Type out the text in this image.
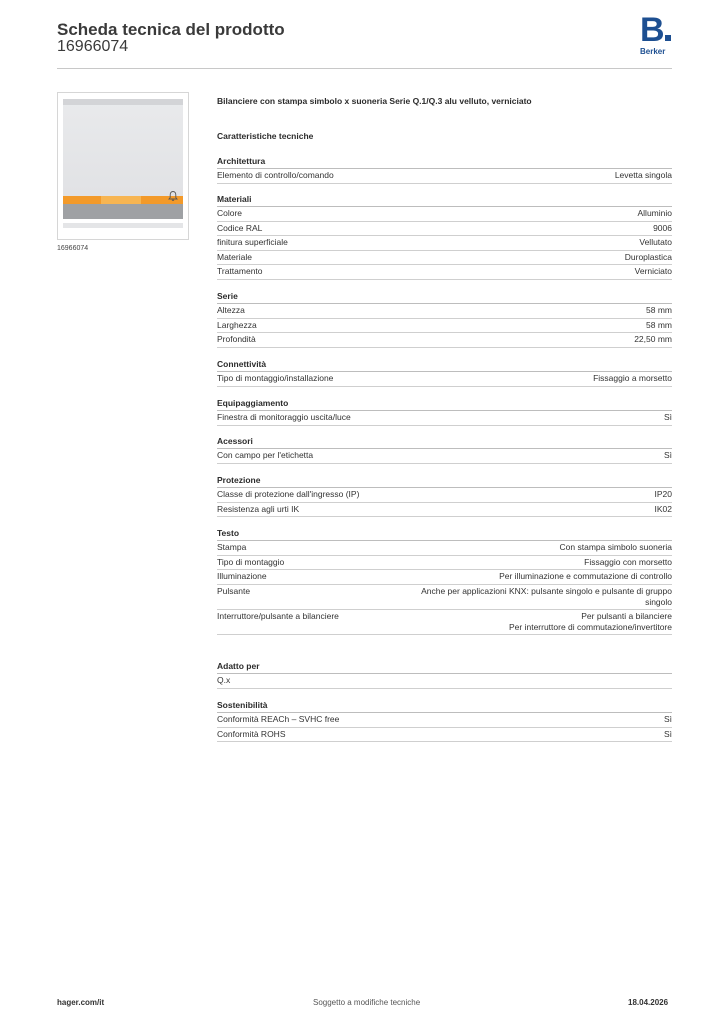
Scheda tecnica del prodotto
16966074	B
Berker
16966074
Bilanciere con stampa simbolo x suoneria Serie Q.1/Q.3 alu velluto, verniciato
Caratteristiche tecniche
Architettura
Elemento di controllo/comando	Levetta singola
Materiali
Colore	Alluminio
Codice RAL	9006
finitura superficiale	Vellutato
Materiale	Duroplastica
Trattamento	Verniciato
Serie
Altezza	58 mm
Larghezza	58 mm
Profondità	22,50 mm
Connettività
Tipo di montaggio/installazione	Fissaggio a morsetto
Equipaggiamento
Finestra di monitoraggio uscita/luce	Sì
Acessori
Con campo per l'etichetta	Sì
Protezione
Classe di protezione dall'ingresso (IP)	IP20
Resistenza agli urti IK	IK02
Testo
Stampa	Con stampa simbolo suoneria
Tipo di montaggio	Fissaggio con morsetto
Illuminazione	Per illuminazione e commutazione di controllo
Pulsante	Anche per applicazioni KNX: pulsante singolo e pulsante di gruppo
singolo
Interruttore/pulsante a bilanciere	Per pulsanti a bilanciere
Per interruttore di commutazione/invertitore
Adatto per
Q.x
Sostenibilità
Conformità REACh – SVHC free	Sì
Conformità ROHS	Sì
hager.com/it	Soggetto a modifiche tecniche	18.04.2026
